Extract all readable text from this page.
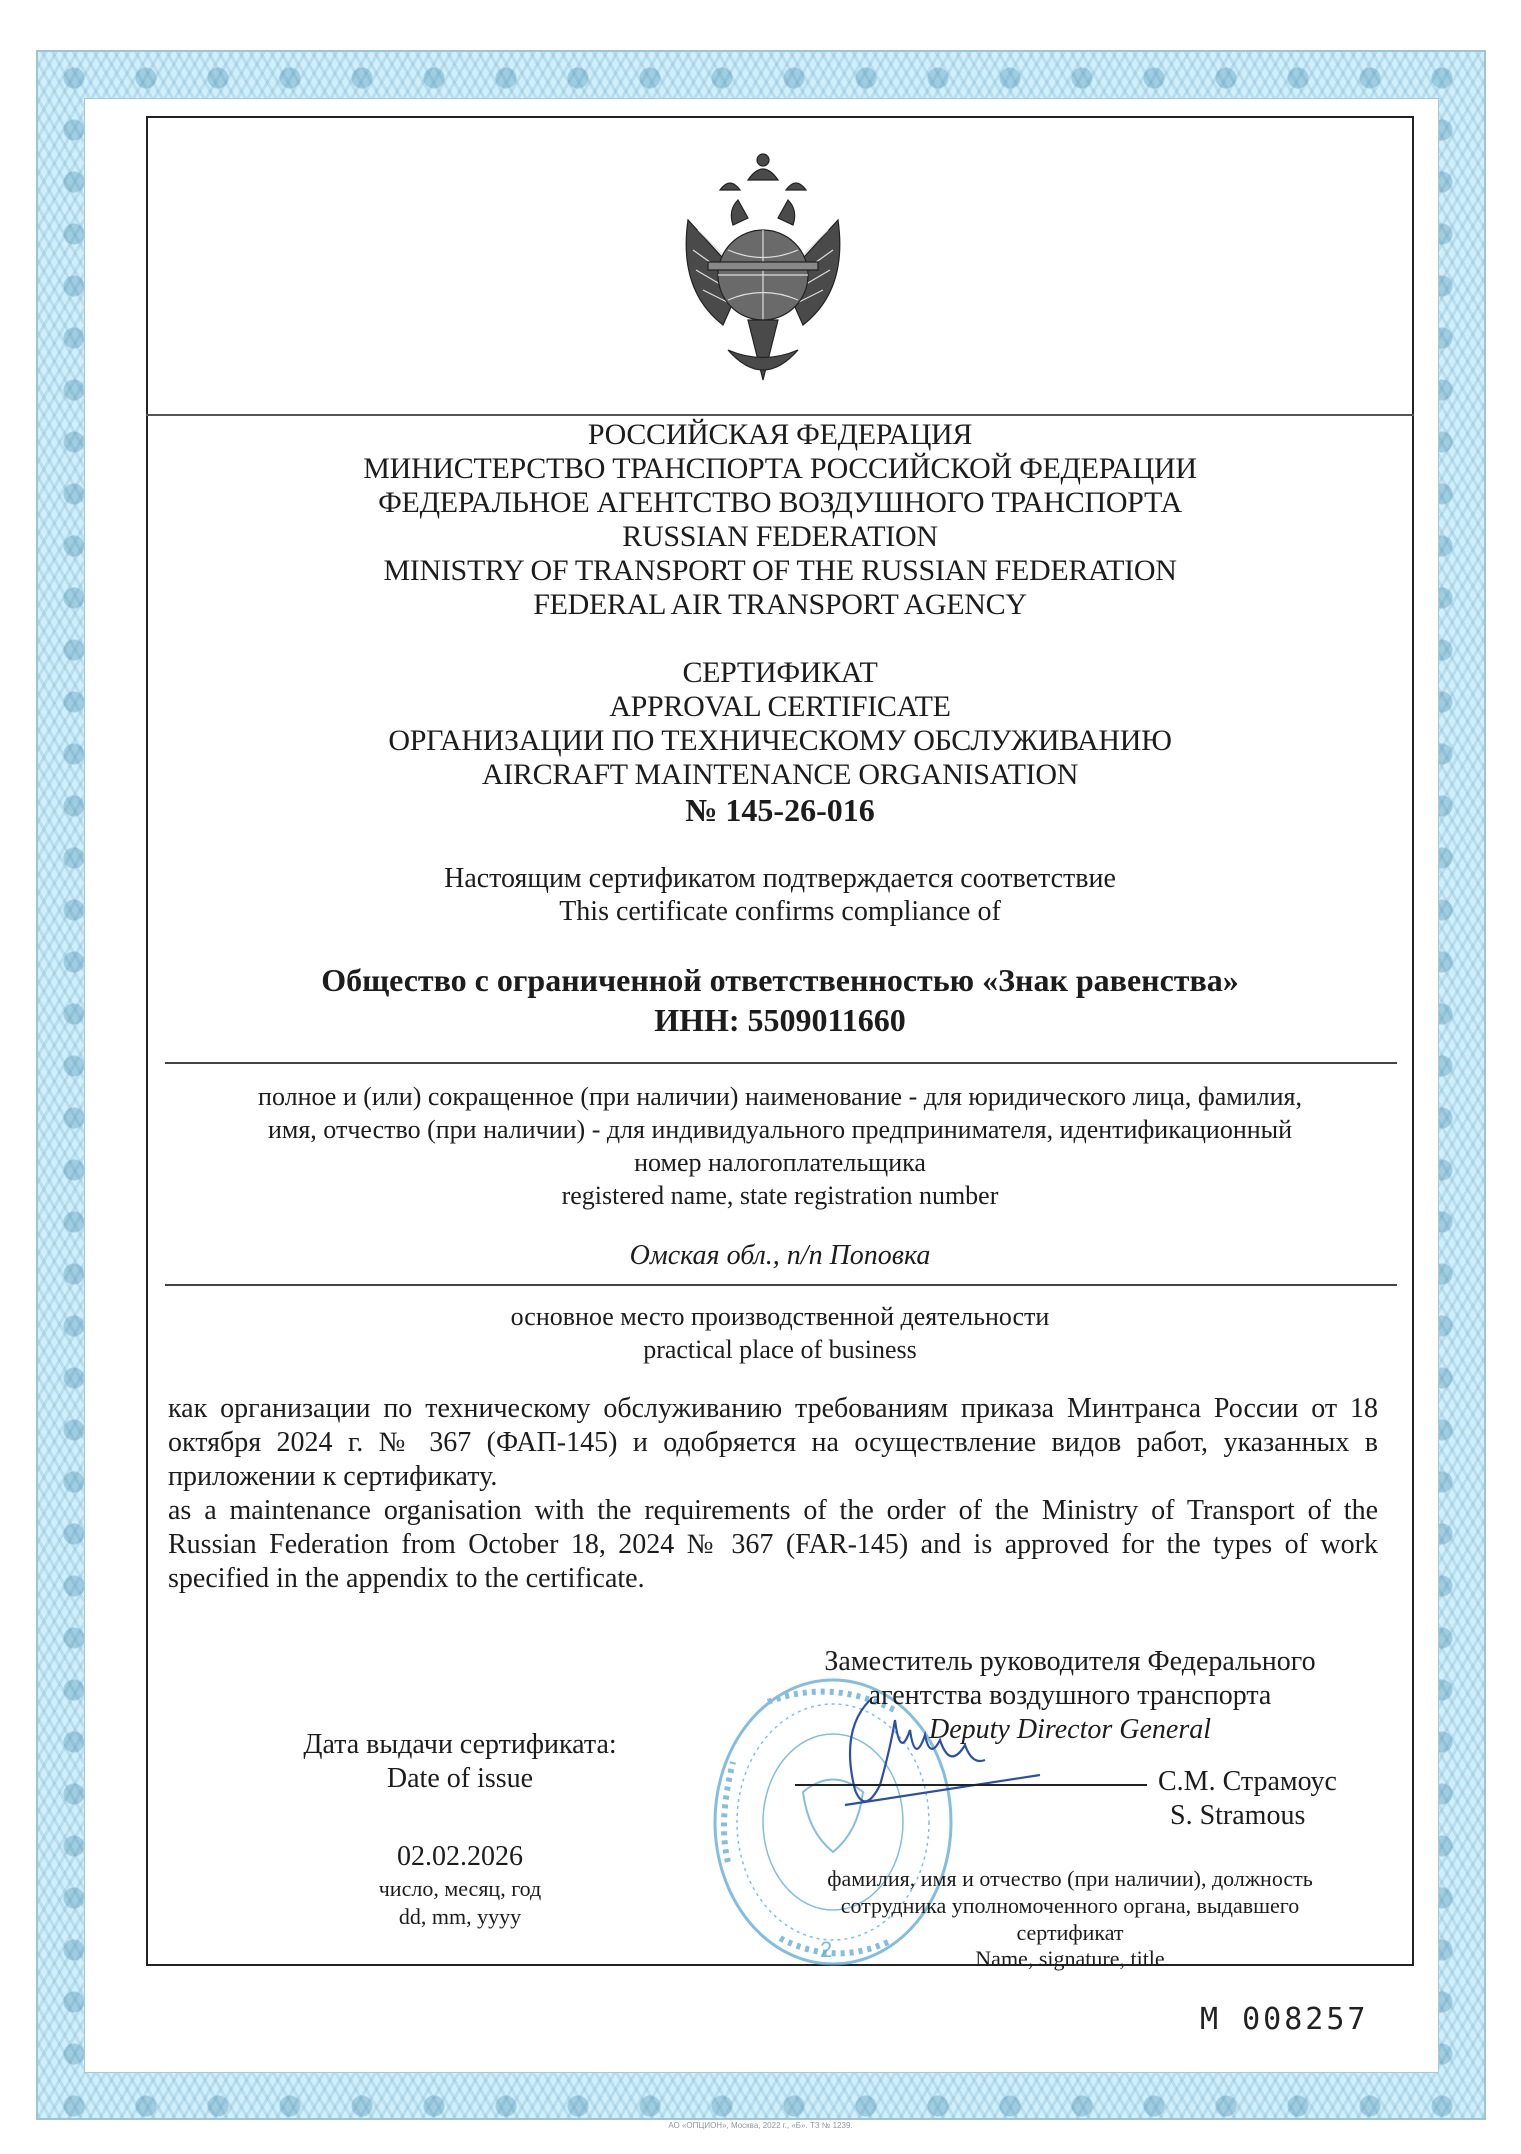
РОССИЙСКАЯ ФЕДЕРАЦИЯ
МИНИСТЕРСТВО ТРАНСПОРТА РОССИЙСКОЙ ФЕДЕРАЦИИ
ФЕДЕРАЛЬНОЕ АГЕНТСТВО ВОЗДУШНОГО ТРАНСПОРТА
RUSSIAN FEDERATION
MINISTRY OF TRANSPORT OF THE RUSSIAN FEDERATION
FEDERAL AIR TRANSPORT AGENCY
СЕРТИФИКАТ
APPROVAL CERTIFICATE
ОРГАНИЗАЦИИ ПО ТЕХНИЧЕСКОМУ ОБСЛУЖИВАНИЮ
AIRCRAFT MAINTENANCE ORGANISATION
№ 145-26-016
Настоящим сертификатом подтверждается соответствие
This certificate confirms compliance of
Общество с ограниченной ответственностью «Знак равенства»
ИНН: 5509011660
полное и (или) сокращенное (при наличии) наименование - для юридического лица, фамилия,
имя, отчество (при наличии) - для индивидуального предпринимателя, идентификационный
номер налогоплательщика
registered name, state registration number
Омская обл., п/п Поповка
основное место производственной деятельности
practical place of business

как организации по техническому обслуживанию требованиям приказа Минтранса России от 18 октября 2024 г. № 367 (ФАП-145) и одобряется на осуществление видов работ, указанных в приложении к сертификату.

as a maintenance organisation with the requirements of the order of the Ministry of Transport of the Russian Federation from October 18, 2024 № 367 (FAR-145) and is approved for the types of work specified in the appendix to the certificate.

Дата выдачи сертификата:
Date of issue
02.02.2026
число, месяц, год
dd, mm, yyyy
2
Заместитель руководителя Федерального
агентства воздушного транспорта
Deputy Director General
С.М. Страмоус
S. Stramous
фамилия, имя и отчество (при наличии), должность
сотрудника уполномоченного органа, выдавшего
сертификат
Name, signature, title
М 008257
АО «ОПЦИОН», Москва, 2022 г., «Б». ТЗ № 1239.
